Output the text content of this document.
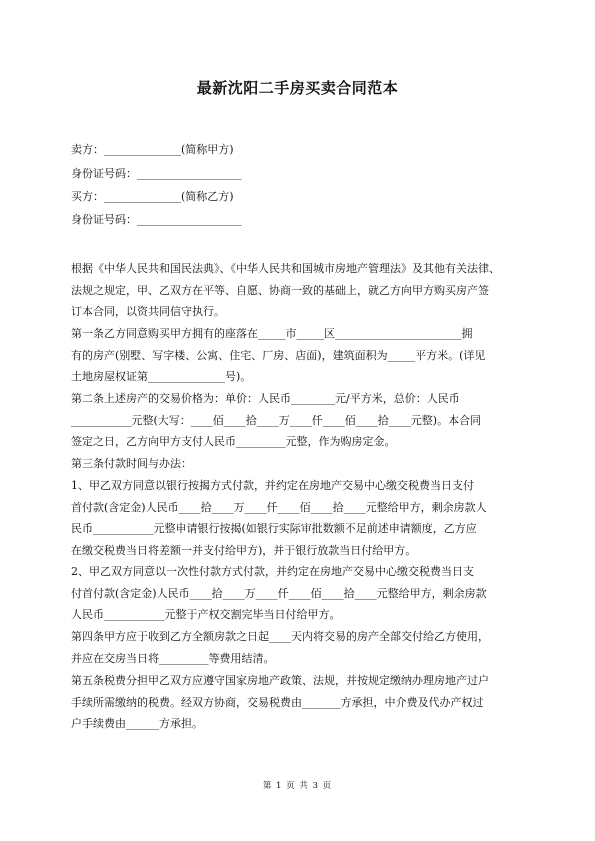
最新沈阳二手房买卖合同范本
卖方：______________(简称甲方)
身份证号码：___________________
买方：______________(简称乙方)
身份证号码：___________________
根据《中华人民共和国民法典》、《中华人民共和国城市房地产管理法》及其他有关法律、
法规之规定，甲、乙双方在平等、自愿、协商一致的基础上，就乙方向甲方购买房产签
订本合同，以资共同信守执行。
第一条乙方同意购买甲方拥有的座落在_____市_____区_______________________拥
有的房产(别墅、写字楼、公寓、住宅、厂房、店面)，建筑面积为_____平方米。(详见
土地房屋权证第______________号)。
第二条上述房产的交易价格为：单价：人民币________元/平方米，总价：人民币
___________元整(大写：____佰____拾____万____仟____佰____拾____元整)。本合同
签定之日，乙方向甲方支付人民币_________元整，作为购房定金。
第三条付款时间与办法：
1、甲乙双方同意以银行按揭方式付款，并约定在房地产交易中心缴交税费当日支付
首付款(含定金)人民币____拾____万____仟____佰____拾____元整给甲方，剩余房款人
民币___________元整申请银行按揭(如银行实际审批数额不足前述申请额度，乙方应
在缴交税费当日将差额一并支付给甲方)，并于银行放款当日付给甲方。
2、甲乙双方同意以一次性付款方式付款，并约定在房地产交易中心缴交税费当日支
付首付款(含定金)人民币____拾____万____仟____佰____拾____元整给甲方，剩余房款
人民币___________元整于产权交割完毕当日付给甲方。
第四条甲方应于收到乙方全额房款之日起____天内将交易的房产全部交付给乙方使用，
并应在交房当日将_________等费用结清。
第五条税费分担甲乙双方应遵守国家房地产政策、法规，并按规定缴纳办理房地产过户
手续所需缴纳的税费。经双方协商，交易税费由_______方承担，中介费及代办产权过
户手续费由______方承担。
第 1 页 共 3 页
